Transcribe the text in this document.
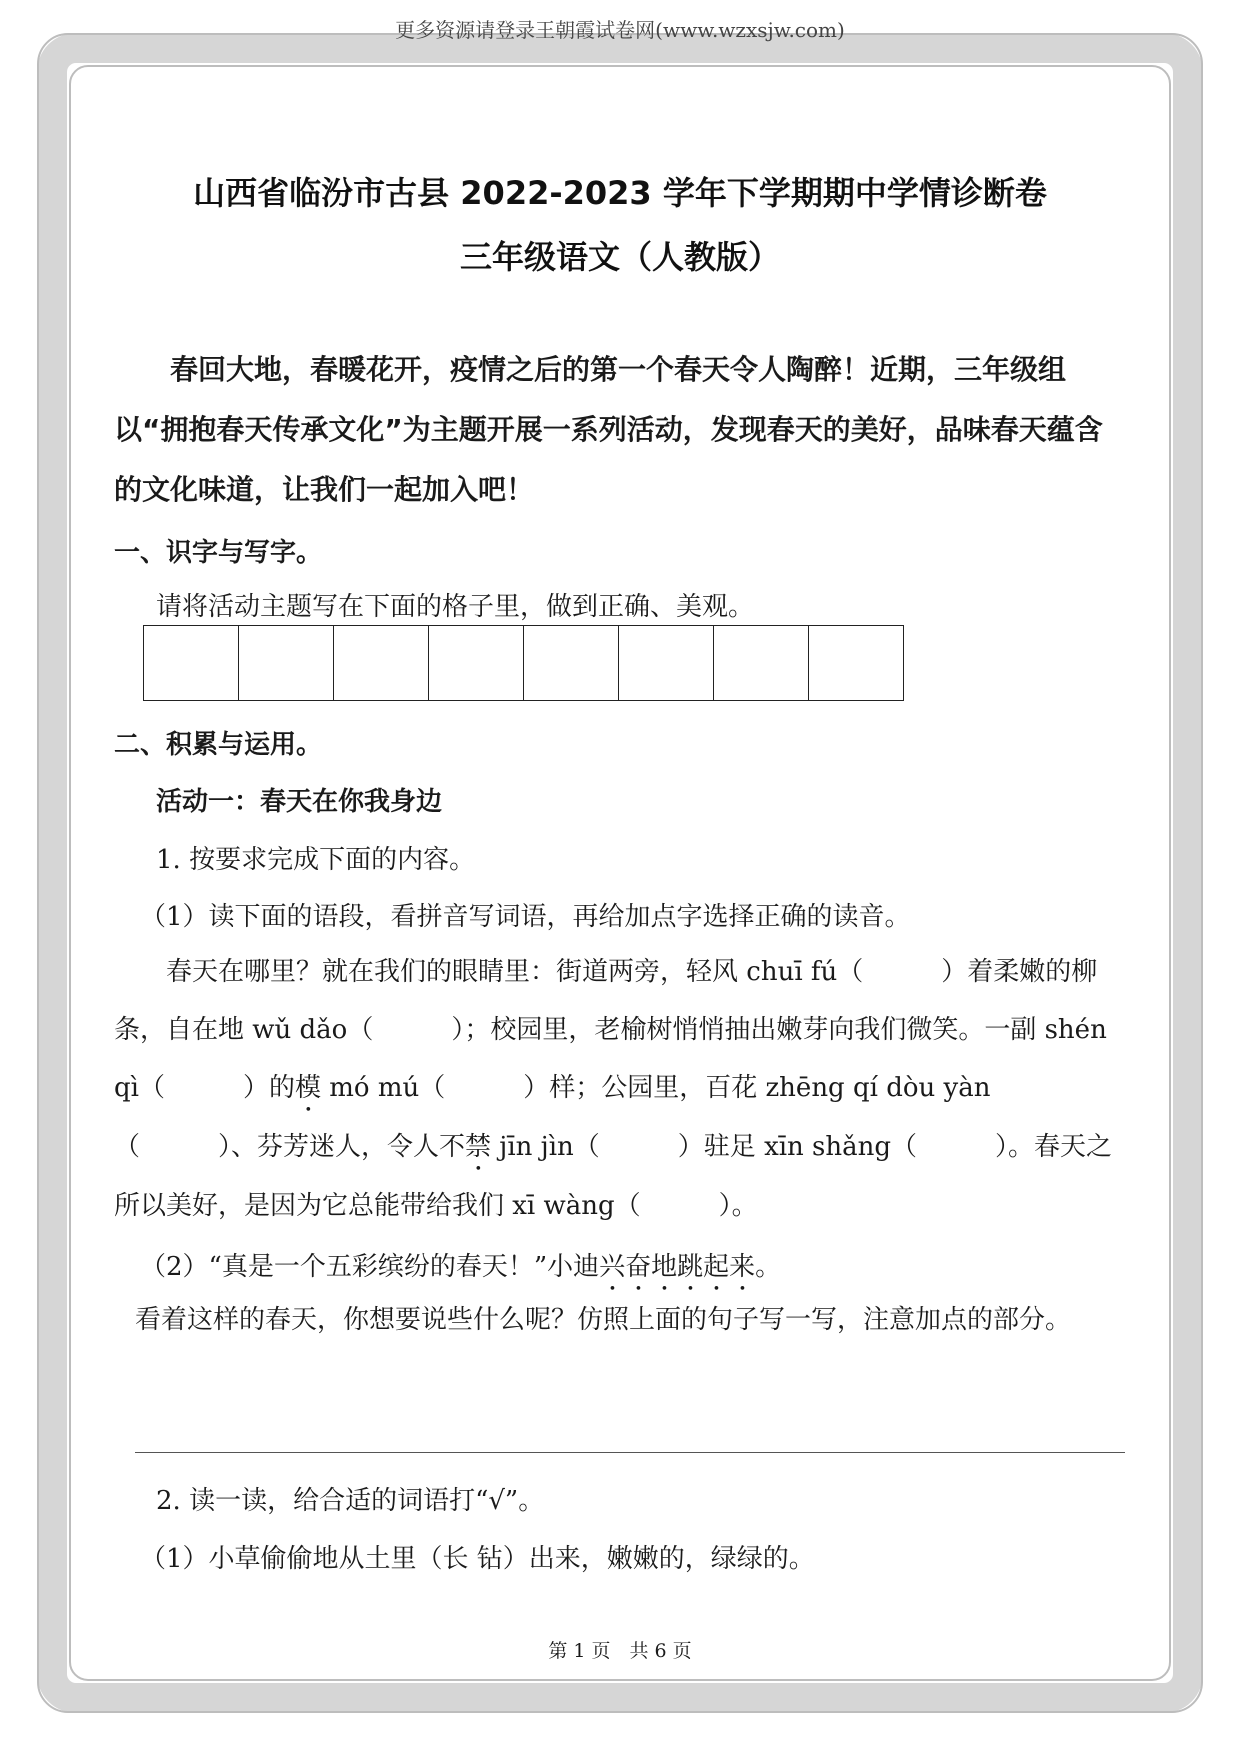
更多资源请登录王朝霞试卷网(www.wzxsjw.com)
山西省临汾市古县 2022-2023 学年下学期期中学情诊断卷
三年级语文（人教版）

春回大地，春暖花开，疫情之后的第一个春天令人陶醉！近期，三年级组以“拥抱春天传承文化”为主题开展一系列活动，发现春天的美好，品味春天蕴含的文化味道，让我们一起加入吧！

一、识字与写字。
请将活动主题写在下面的格子里，做到正确、美观。
二、积累与运用。
活动一：春天在你我身边
1. 按要求完成下面的内容。
（1）读下面的语段，看拼音写词语，再给加点字选择正确的读音。

春天在哪里？就在我们的眼睛里：街道两旁，轻风 chuī fú（　　　）着柔嫩的柳条，自在地 wǔ dǎo（　　　）；校园里，老榆树悄悄抽出嫩芽向我们微笑。一副 shén qì（　　　）的模 mó mú（　　　）样；公园里，百花 zhēng qí dòu yàn（　　　）、芬芳迷人，令人不禁 jīn jìn（　　　）驻足 xīn shǎng（　　　）。春天之所以美好，是因为它总能带给我们 xī wàng（　　　）。

（2）“真是一个五彩缤纷的春天！”小迪兴奋地跳起来。

看着这样的春天，你想要说些什么呢？仿照上面的句子写一写，注意加点的部分。

2. 读一读，给合适的词语打“√”。
（1）小草偷偷地从土里（长 钻）出来，嫩嫩的，绿绿的。
第 1 页　共 6 页
